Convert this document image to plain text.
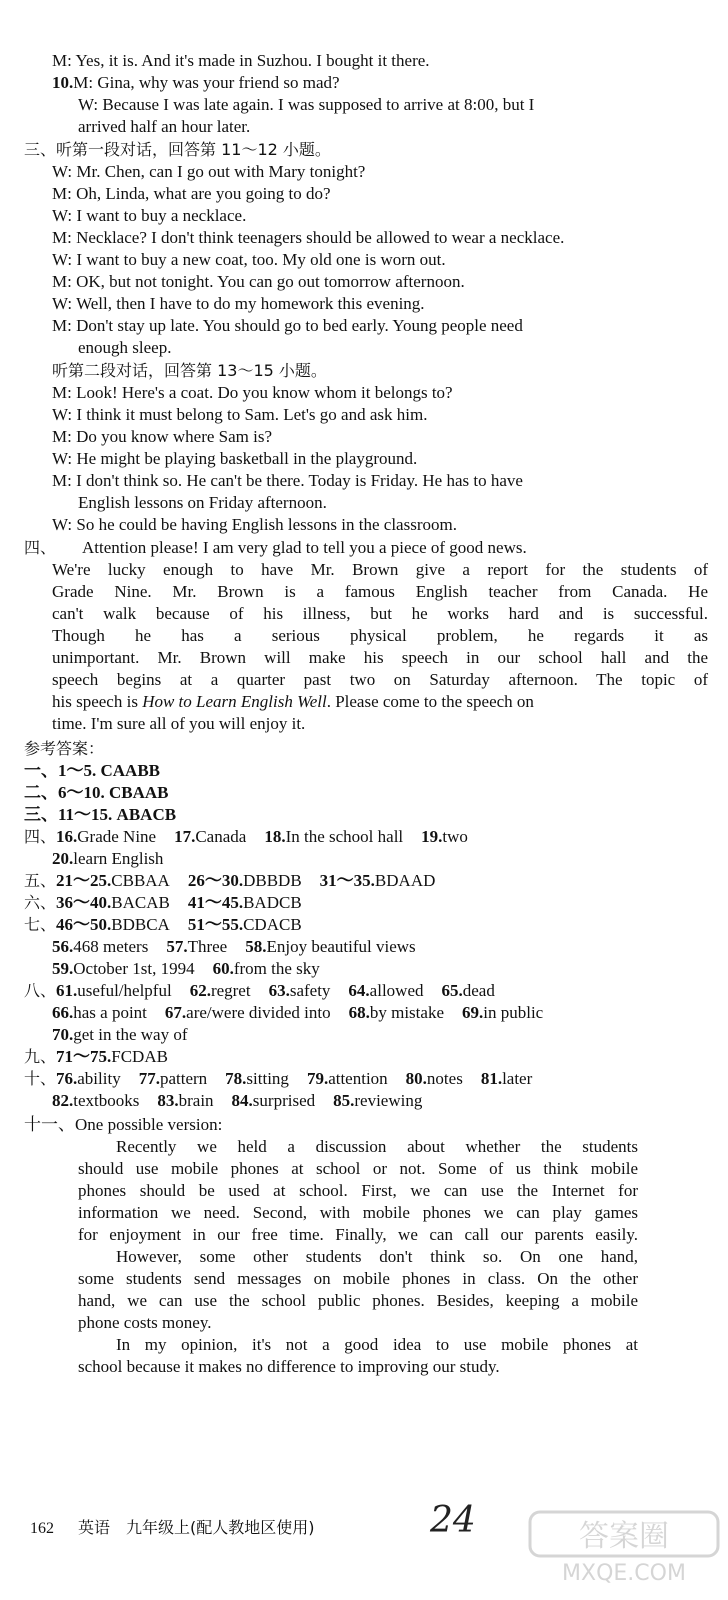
M: Yes, it is. And it's made in Suzhou. I bought it there.
10.M: Gina, why was your friend so mad?
W: Because I was late again. I was supposed to arrive at 8:00, but I
arrived half an hour later.
三、听第一段对话，回答第 11～12 小题。
W: Mr. Chen, can I go out with Mary tonight?
M: Oh, Linda, what are you going to do?
W: I want to buy a necklace.
M: Necklace? I don't think teenagers should be allowed to wear a necklace.
W: I want to buy a new coat, too. My old one is worn out.
M: OK, but not tonight. You can go out tomorrow afternoon.
W: Well, then I have to do my homework this evening.
M: Don't stay up late. You should go to bed early. Young people need
enough sleep.
听第二段对话，回答第 13～15 小题。
M: Look! Here's a coat. Do you know whom it belongs to?
W: I think it must belong to Sam. Let's go and ask him.
M: Do you know where Sam is?
W: He might be playing basketball in the playground.
M: I don't think so. He can't be there. Today is Friday. He has to have
English lessons on Friday afternoon.
W: So he could be having English lessons in the classroom.
四、 Attention please! I am very glad to tell you a piece of good news.
We're lucky enough to have Mr. Brown give a report for the students of
Grade Nine. Mr. Brown is a famous English teacher from Canada. He
can't walk because of his illness, but he works hard and is successful.
Though he has a serious physical problem, he regards it as
unimportant. Mr. Brown will make his speech in our school hall and the
speech begins at a quarter past two on Saturday afternoon. The topic of
his speech is How to Learn English Well. Please come to the speech on
time. I'm sure all of you will enjoy it.
参考答案：
一、1～5. CAABB
二、6～10. CBAAB
三、11～15. ABACB
四、16.Grade Nine 17.Canada 18.In the school hall 19.two
20.learn English
五、21～25.CBBAA 26～30.DBBDB 31～35.BDAAD
六、36～40.BACAB 41～45.BADCB
七、46～50.BDBCA 51～55.CDACB
56.468 meters 57.Three 58.Enjoy beautiful views
59.October 1st, 1994 60.from the sky
八、61.useful/helpful 62.regret 63.safety 64.allowed 65.dead
66.has a point 67.are/were divided into 68.by mistake 69.in public
70.get in the way of
九、71～75.FCDAB
十、76.ability 77.pattern 78.sitting 79.attention 80.notes 81.later
82.textbooks 83.brain 84.surprised 85.reviewing
十一、One possible version:
Recently we held a discussion about whether the students
should use mobile phones at school or not. Some of us think mobile
phones should be used at school. First, we can use the Internet for
information we need. Second, with mobile phones we can play games
for enjoyment in our free time. Finally, we can call our parents easily.
However, some other students don't think so. On one hand,
some students send messages on mobile phones in class. On the other
hand, we can use the school public phones. Besides, keeping a mobile
phone costs money.
In my opinion, it's not a good idea to use mobile phones at
school because it makes no difference to improving our study.
162 英语　九年级上(配人教地区使用)	24	答案圈
MXQE.COM
